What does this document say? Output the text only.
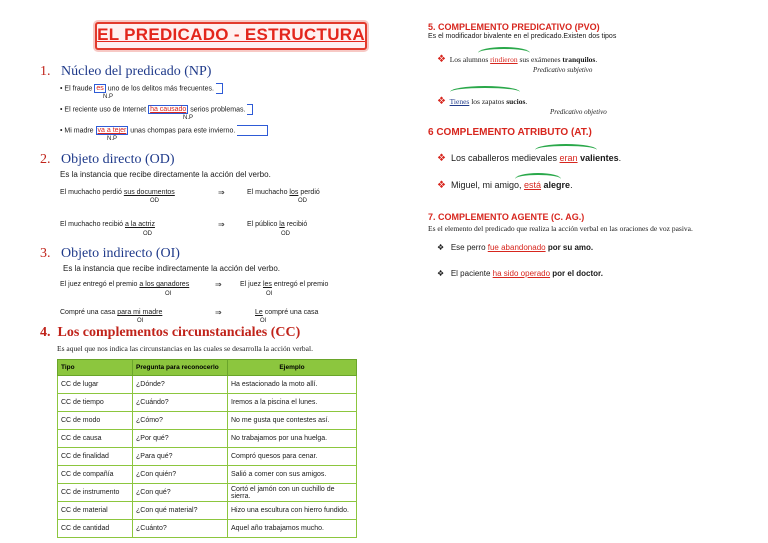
EL PREDICADO - ESTRUCTURA
1. Núcleo del predicado (NP)
• El fraude es uno de los delitos más frecuentes.
N.P
• El reciente uso de Internet ha causado serios problemas.
N.P
• Mi madre va a tejer unas chompas para este invierno.
N.P
2. Objeto directo (OD)
Es la instancia que recibe directamente la acción del verbo.
El muchacho perdió sus documentos
OD
⇒	El muchacho los perdió
OD
El muchacho recibió a la actriz
OD
⇒	El público la recibió
OD
3. Objeto indirecto (OI)
Es la instancia que recibe indirectamente la acción del verbo.
El juez entregó el premio a los ganadores
OI
⇒	El juez les entregó el premio
OI
Compré una casa para mi madre
OI
⇒	Le compré una casa
OI
4. Los complementos circunstanciales (CC)
Es aquel que nos indica las circunstancias en las cuales se desarrolla la acción verbal.
Tipo	Pregunta para reconocerlo	Ejemplo
CC de lugar	¿Dónde?	Ha estacionado la moto allí.
CC de tiempo	¿Cuándo?	Iremos a la piscina el lunes.
CC de modo	¿Cómo?	No me gusta que contestes así.
CC de causa	¿Por qué?	No trabajamos por una huelga.
CC de finalidad	¿Para qué?	Compró quesos para cenar.
CC de compañía	¿Con quién?	Salió a comer con sus amigos.
CC de instrumento	¿Con qué?	Cortó el jamón con un cuchillo de sierra.
CC de material	¿Con qué material?	Hizo una escultura con hierro fundido.
CC de cantidad	¿Cuánto?	Aquel año trabajamos mucho.
5. COMPLEMENTO PREDICATIVO (PVO)
Es el modificador bivalente en el predicado.Existen dos tipos
❖ Los alumnos rindieron sus exámenes tranquilos.
Predicativo subjetivo
❖ Tienes los zapatos sucios.
Predicativo objetivo
6 COMPLEMENTO ATRIBUTO (AT.)
❖ Los caballeros medievales eran valientes.
❖ Miguel, mi amigo, está alegre.
7. COMPLEMENTO AGENTE (C. AG.)
Es el elemento del predicado que realiza la acción verbal en las oraciones de voz pasiva.
❖ Ese perro fue abandonado por su amo.
❖ El paciente ha sido operado por el doctor.
